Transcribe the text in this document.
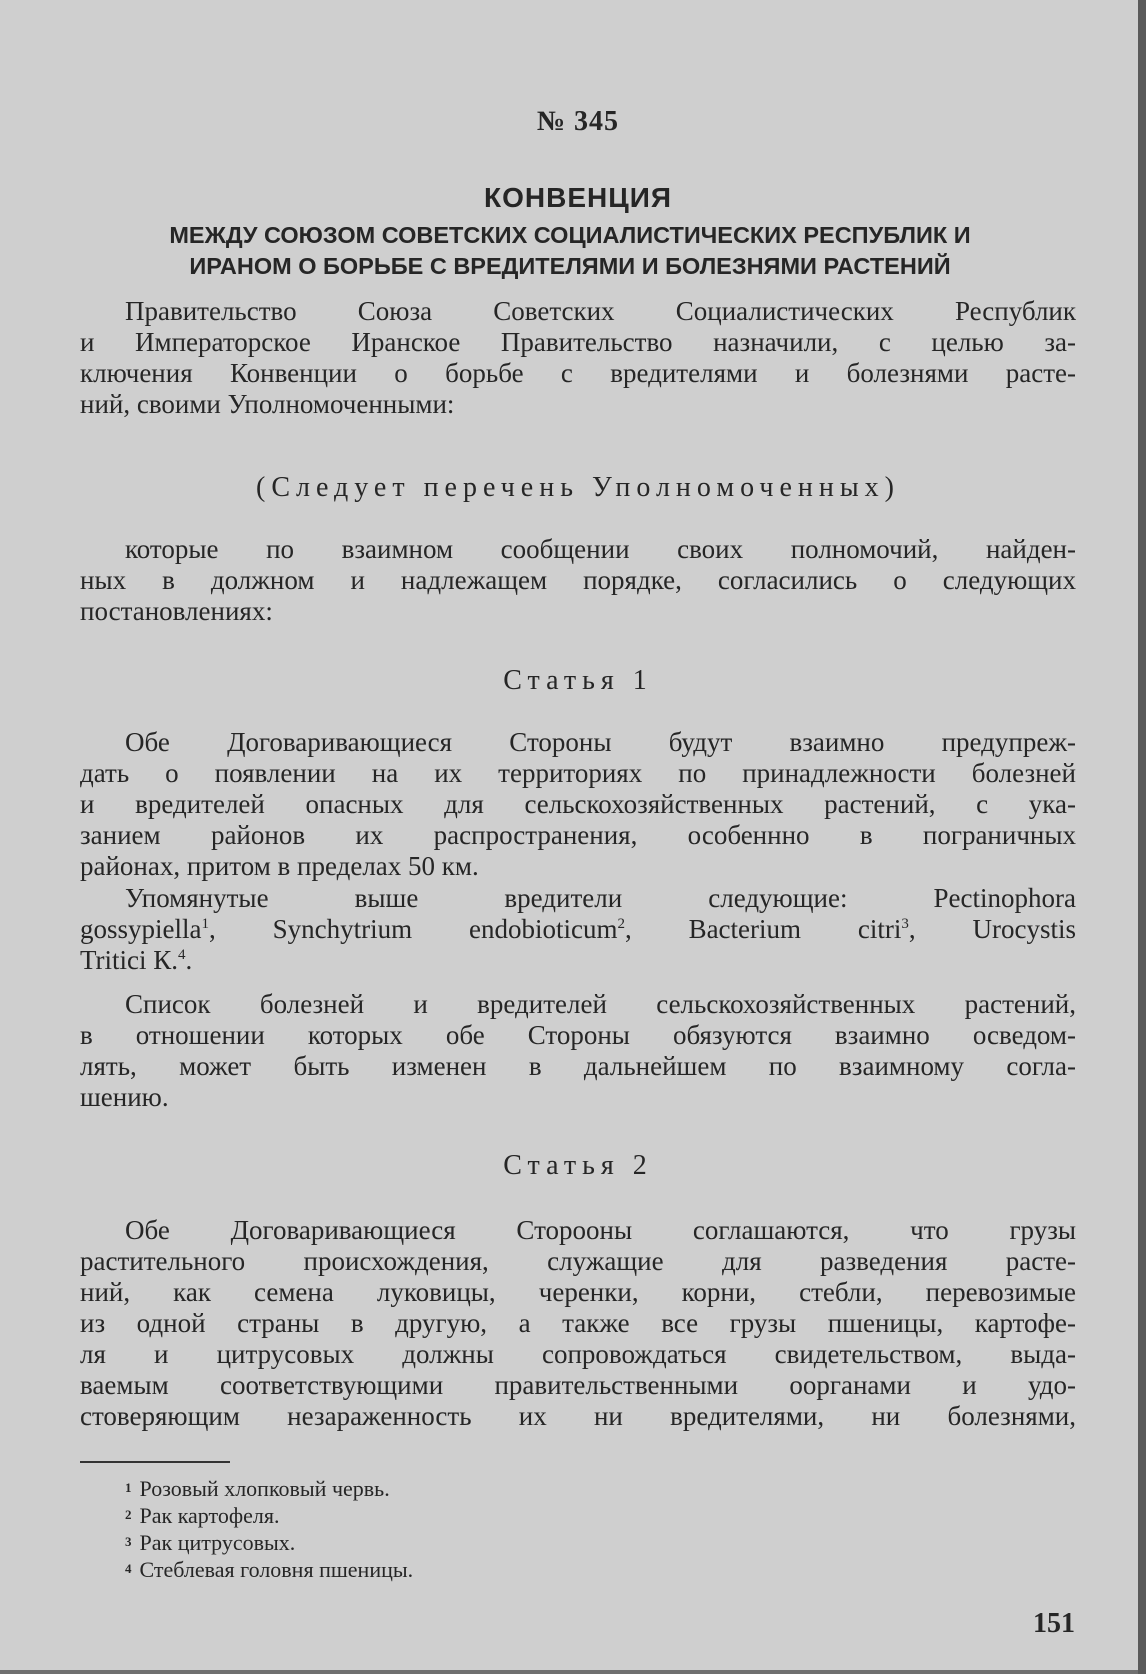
№ 345
КОНВЕНЦИЯ
МЕЖДУ СОЮЗОМ СОВЕТСКИХ СОЦИАЛИСТИЧЕСКИХ РЕСПУБЛИК И
ИРАНОМ О БОРЬБЕ С ВРЕДИТЕЛЯМИ И БОЛЕЗНЯМИ РАСТЕНИЙ
Правительство Союза Советских Социалистических Республик
и Императорское Иранское Правительство назначили, с целью за-
ключения Конвенции о борьбе с вредителями и болезнями расте-
ний, своими Уполномоченными:
(Следует перечень Уполномоченных)
которые по взаимном сообщении своих полномочий, найден-
ных в должном и надлежащем порядке, согласились о следующих
постановлениях:
Статья 1
Обе Договаривающиеся Стороны будут взаимно предупреж-
дать о появлении на их территориях по принадлежности болезней
и вредителей опасных для сельскохозяйственных растений, с ука-
занием районов их распространения, особеннно в пограничных
районах, притом в пределах 50 км.
Упомянутые выше вредители следующие: Pectinophora
gossypiella$^1$, Synchytrium endobioticum$^2$, Bacterium citri$^3$, Urocystis
Tritici К.$^4$.
Список болезней и вредителей сельскохозяйственных растений,
в отношении которых обе Стороны обязуются взаимно осведом-
лять, может быть изменен в дальнейшем по взаимному согла-
шению.
Статья 2
Обе Договаривающиеся Сторооны соглашаются, что грузы
растительного происхождения, служащие для разведения расте-
ний, как семена луковицы, черенки, корни, стебли, перевозимые
из одной страны в другую, а также все грузы пшеницы, картофе-
ля и цитрусовых должны сопровождаться свидетельством, выда-
ваемым соответствующими правительственными оорганами и удо-
стоверяющим незараженность их ни вредителями, ни болезнями,
$^1$ Розовый хлопковый червь.
$^2$ Рак картофеля.
$^3$ Рак цитрусовых.
$^4$ Стеблевая головня пшеницы.
151
